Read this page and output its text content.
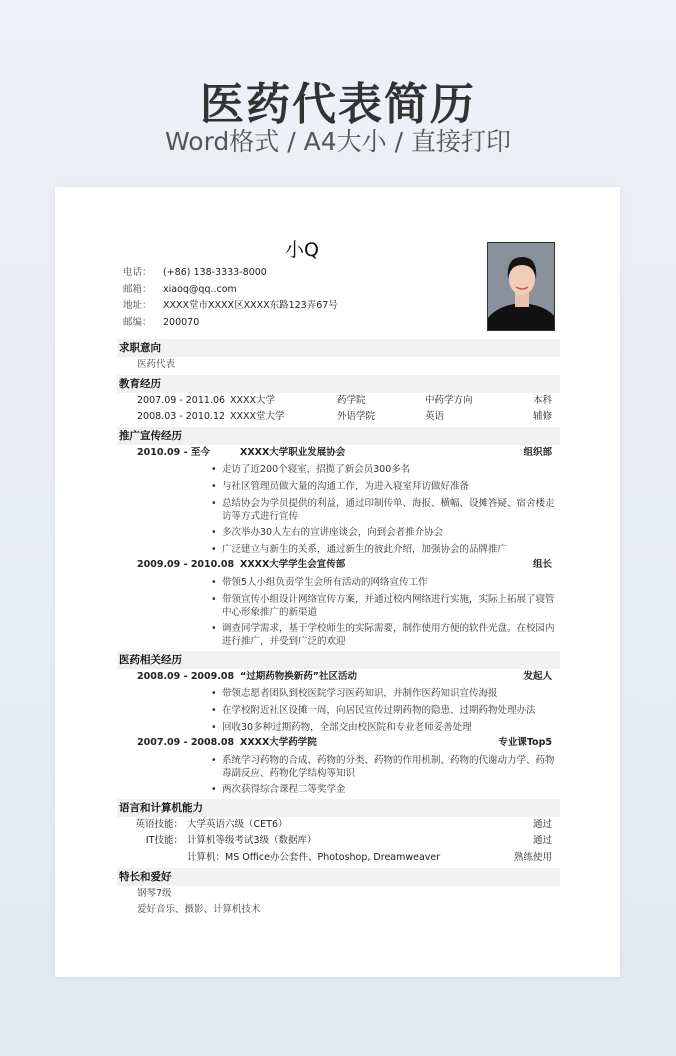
医药代表简历
Word格式 / A4大小 / 直接打印
小Q
电话：	(+86) 138-3333-8000
邮箱：	xiaoq@qq..com
地址：	XXXX堂市XXXX区XXXX东路123弄67号
邮编：	200070
求职意向
医药代表
教育经历
2007.09 - 2011.06 XXXX大学	药学院	中药学方向	本科
2008.03 - 2010.12 XXXX堂大学	外语学院	英语	辅修
推广宣传经历
2010.09 - 至今	XXXX大学职业发展协会	组织部
• 走访了近200个寝室，招揽了新会员300多名
• 与社区管理员做大量的沟通工作，为进入寝室拜访做好准备
• 总结协会为学员提供的利益，通过印制传单、海报、横幅、设摊答疑、宿舍楼走访等方式进行宣传
• 多次举办30人左右的宣讲座谈会，向到会者推介协会
• 广泛建立与新生的关系，通过新生的彼此介绍，加强协会的品牌推广
2009.09 - 2010.08 XXXX大学学生会宣传部	组长
• 带领5人小组负责学生会所有活动的网络宣传工作
• 带领宣传小组设计网络宣传方案，并通过校内网络进行实施，实际上拓展了寝管中心形象推广的新渠道
• 调查同学需求，基于学校师生的实际需要，制作使用方便的软件光盘。在校园内进行推广，并受到广泛的欢迎
医药相关经历
2008.09 - 2009.08 “过期药物换新药”社区活动	发起人
• 带领志愿者团队到校医院学习医药知识，并制作医药知识宣传海报
• 在学校附近社区设摊一周，向居民宣传过期药物的隐患、过期药物处理办法
• 回收30多种过期药物，全部交由校医院和专业老师妥善处理
2007.09 - 2008.08 XXXX大学药学院	专业课Top5
• 系统学习药物的合成、药物的分类、药物的作用机制、药物的代谢动力学、药物毒副反应、药物化学结构等知识
• 两次获得综合课程二等奖学金
语言和计算机能力
英语技能： 大学英语六级（CET6）	通过
IT技能： 计算机等级考试3级（数据库）	通过
计算机：MS Office办公套件、Photoshop, Dreamweaver	熟练使用
特长和爱好
钢琴7级
爱好音乐、摄影、计算机技术
